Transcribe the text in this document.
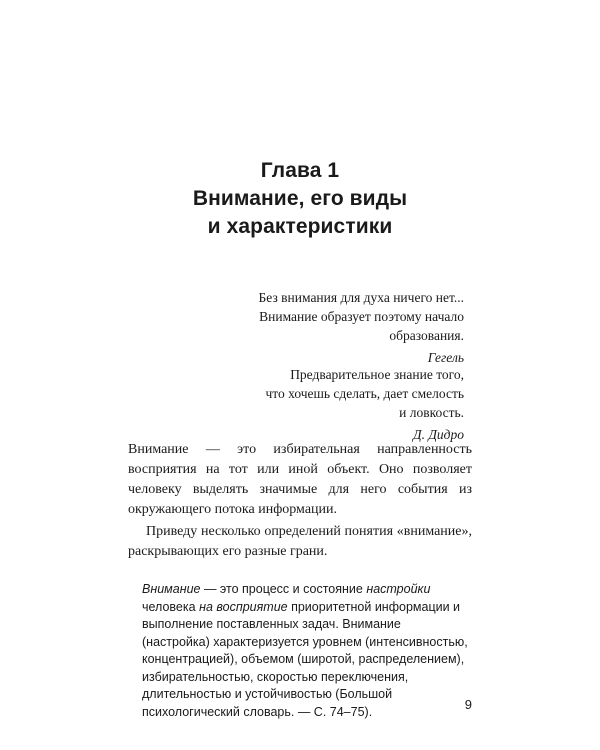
Глава 1
Внимание, его виды
и характеристики
Без внимания для духа ничего нет...
Внимание образует поэтому начало
образования.
Гегель
Предварительное знание того,
что хочешь сделать, дает смелость
и ловкость.
Д. Дидро

Внимание — это избирательная направленность восприятия на тот или иной объект. Оно позволяет человеку выделять значимые для него события из окружающего потока информации.

Приведу несколько определений понятия «внимание», раскрывающих его разные грани.

Внимание — это процесс и состояние настройки человека на восприятие приоритетной информации и выполнение поставленных задач. Внимание (настройка) характеризуется уровнем (интенсивностью, концентрацией), объемом (широтой, распределением), избирательностью, скоростью переключения, длительностью и устойчивостью (Большой психологический словарь. — С. 74–75).	9
